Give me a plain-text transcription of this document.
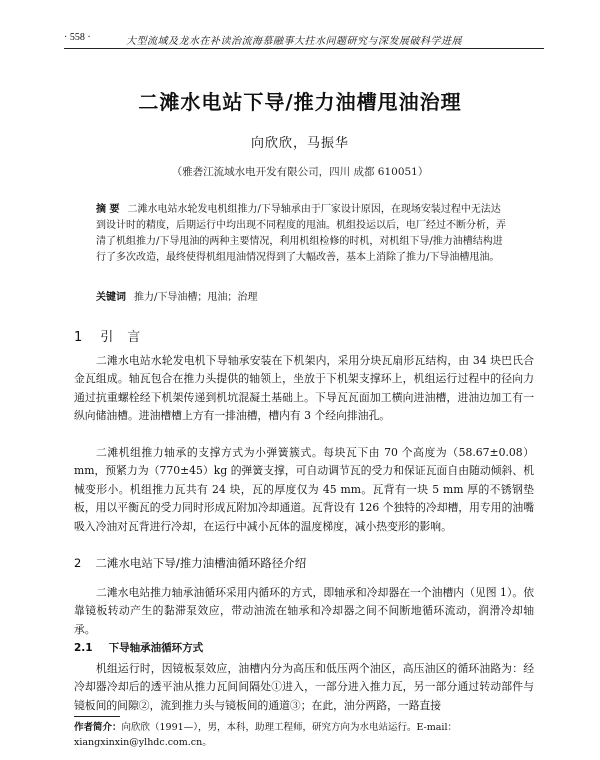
· 558 ·	大型流域及龙水在补读治流海慕融事大拄水问题研究与深发展破科学进展
二滩水电站下导/推力油槽甩油治理
向欣欣，马振华
（雅砻江流域水电开发有限公司，四川 成都 610051）
摘 要 二滩水电站水轮发电机组推力/下导轴承由于厂家设计原因，在现场安装过程中无法达到设计时的精度，后期运行中均出现不同程度的甩油。机组投运以后，电厂经过不断分析，弄清了机组推力/下导甩油的两种主要情况，利用机组检修的时机，对机组下导/推力油槽结构进行了多次改造，最终使得机组甩油情况得到了大幅改善，基本上消除了推力/下导油槽甩油。
关键词 推力/下导油槽；甩油；治理
1 引言
二滩水电站水轮发电机下导轴承安装在下机架内，采用分块瓦扇形瓦结构，由 34 块巴氏合金瓦组成。轴瓦包合在推力头提供的轴领上，坐放于下机架支撑环上，机组运行过程中的径向力通过抗重螺栓经下机架传递到机坑混凝土基础上。下导瓦瓦面加工横向进油槽，进油边加工有一纵向储油槽。进油槽槽上方有一排油槽，槽内有 3 个经向排油孔。
二滩机组推力轴承的支撑方式为小弹簧簇式。每块瓦下由 70 个高度为（58.67±0.08）mm，预紧力为（770±45）kg 的弹簧支撑，可自动调节瓦的受力和保证瓦面自由随动倾斜、机械变形小。机组推力瓦共有 24 块，瓦的厚度仅为 45 mm。瓦背有一块 5 mm 厚的不锈钢垫板，用以平衡瓦的受力同时形成瓦附加冷却通道。瓦背设有 126 个独特的冷却槽，用专用的油嘴吸入冷油对瓦背进行冷却，在运行中减小瓦体的温度梯度，减小热变形的影响。
2 二滩水电站下导/推力油槽油循环路径介绍
二滩水电站推力轴承油循环采用内循环的方式，即轴承和冷却器在一个油槽内（见图 1）。依靠镜板转动产生的黏滞泵效应，带动油流在轴承和冷却器之间不间断地循环流动，润滑冷却轴承。
2.1 下导轴承油循环方式
机组运行时，因镜板泵效应，油槽内分为高压和低压两个油区，高压油区的循环油路为：经冷却器冷却后的透平油从推力瓦间间隔处①进入，一部分进入推力瓦，另一部分通过转动部件与镜板间的间隙②，流到推力头与镜板间的通道③；在此，油分两路，一路直接
作者简介：向欣欣（1991—），男，本科，助理工程师，研究方向为水电站运行。E-mail：xiangxinxin@ylhdc.com.cn。
